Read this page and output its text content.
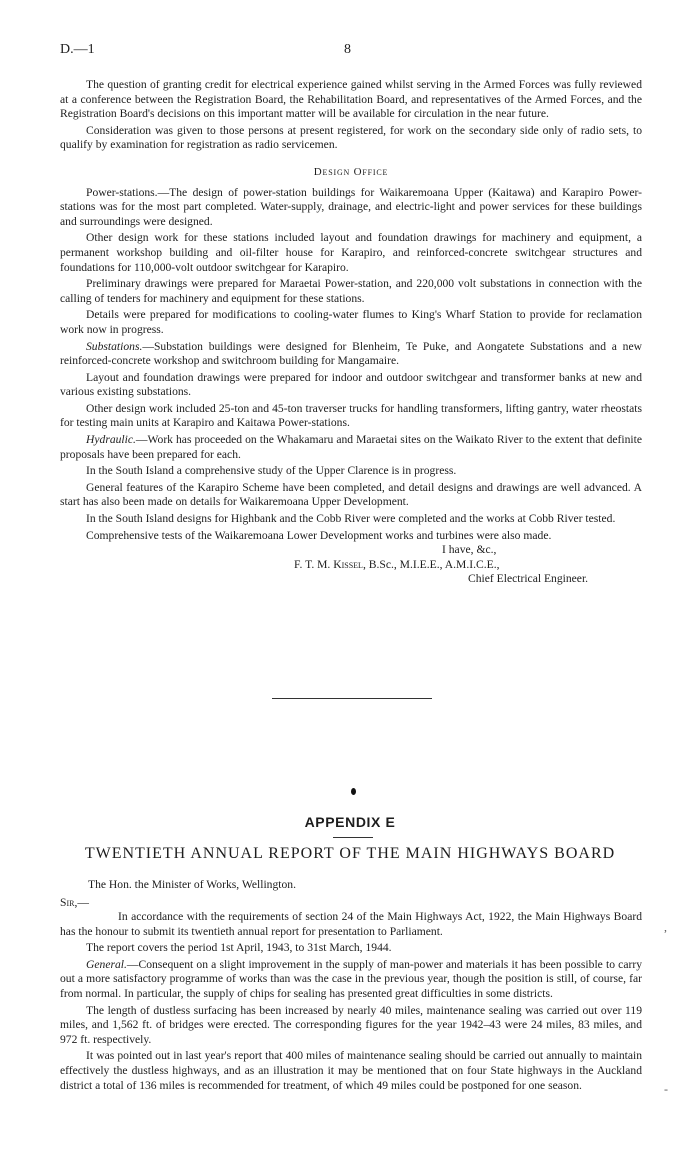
D.—1	8

The question of granting credit for electrical experience gained whilst serving in the Armed Forces was fully reviewed at a conference between the Registration Board, the Rehabilitation Board, and representatives of the Armed Forces, and the Registration Board's decisions on this important matter will be available for circulation in the near future.

Consideration was given to those persons at present registered, for work on the secondary side only of radio sets, to qualify by examination for registration as radio servicemen.

Design Office

Power-stations.—The design of power-station buildings for Waikaremoana Upper (Kaitawa) and Karapiro Power-stations was for the most part completed. Water-supply, drainage, and electric-light and power services for these buildings and surroundings were designed.

Other design work for these stations included layout and foundation drawings for machinery and equipment, a permanent workshop building and oil-filter house for Karapiro, and reinforced-concrete switchgear structures and foundations for 110,000-volt outdoor switchgear for Karapiro.

Preliminary drawings were prepared for Maraetai Power-station, and 220,000 volt substations in connection with the calling of tenders for machinery and equipment for these stations.

Details were prepared for modifications to cooling-water flumes to King's Wharf Station to provide for reclamation work now in progress.

Substations.—Substation buildings were designed for Blenheim, Te Puke, and Aongatete Substations and a new reinforced-concrete workshop and switchroom building for Mangamaire.

Layout and foundation drawings were prepared for indoor and outdoor switchgear and transformer banks at new and various existing substations.

Other design work included 25-ton and 45-ton traverser trucks for handling transformers, lifting gantry, water rheostats for testing main units at Karapiro and Kaitawa Power-stations.

Hydraulic.—Work has proceeded on the Whakamaru and Maraetai sites on the Waikato River to the extent that definite proposals have been prepared for each.

In the South Island a comprehensive study of the Upper Clarence is in progress.

General features of the Karapiro Scheme have been completed, and detail designs and drawings are well advanced. A start has also been made on details for Waikaremoana Upper Development.

In the South Island designs for Highbank and the Cobb River were completed and the works at Cobb River tested.

Comprehensive tests of the Waikaremoana Lower Development works and turbines were also made.

I have, &c.,
F. T. M. Kissel, B.Sc., M.I.E.E., A.M.I.C.E.,
Chief Electrical Engineer.
APPENDIX E
TWENTIETH ANNUAL REPORT OF THE MAIN HIGHWAYS BOARD
The Hon. the Minister of Works, Wellington.
Sir,—

In accordance with the requirements of section 24 of the Main Highways Act, 1922, the Main Highways Board has the honour to submit its twentieth annual report for presentation to Parliament.

The report covers the period 1st April, 1943, to 31st March, 1944.

General.—Consequent on a slight improvement in the supply of man-power and materials it has been possible to carry out a more satisfactory programme of works than was the case in the previous year, though the position is still, of course, far from normal. In particular, the supply of chips for sealing has presented great difficulties in some districts.

The length of dustless surfacing has been increased by nearly 40 miles, maintenance sealing was carried out over 119 miles, and 1,562 ft. of bridges were erected. The corresponding figures for the year 1942–43 were 24 miles, 83 miles, and 972 ft. respectively.

It was pointed out in last year's report that 400 miles of maintenance sealing should be carried out annually to maintain effectively the dustless highways, and as an illustration it may be mentioned that on four State highways in the Auckland district a total of 136 miles is recommended for treatment, of which 49 miles could be postponed for one season.

,
-
